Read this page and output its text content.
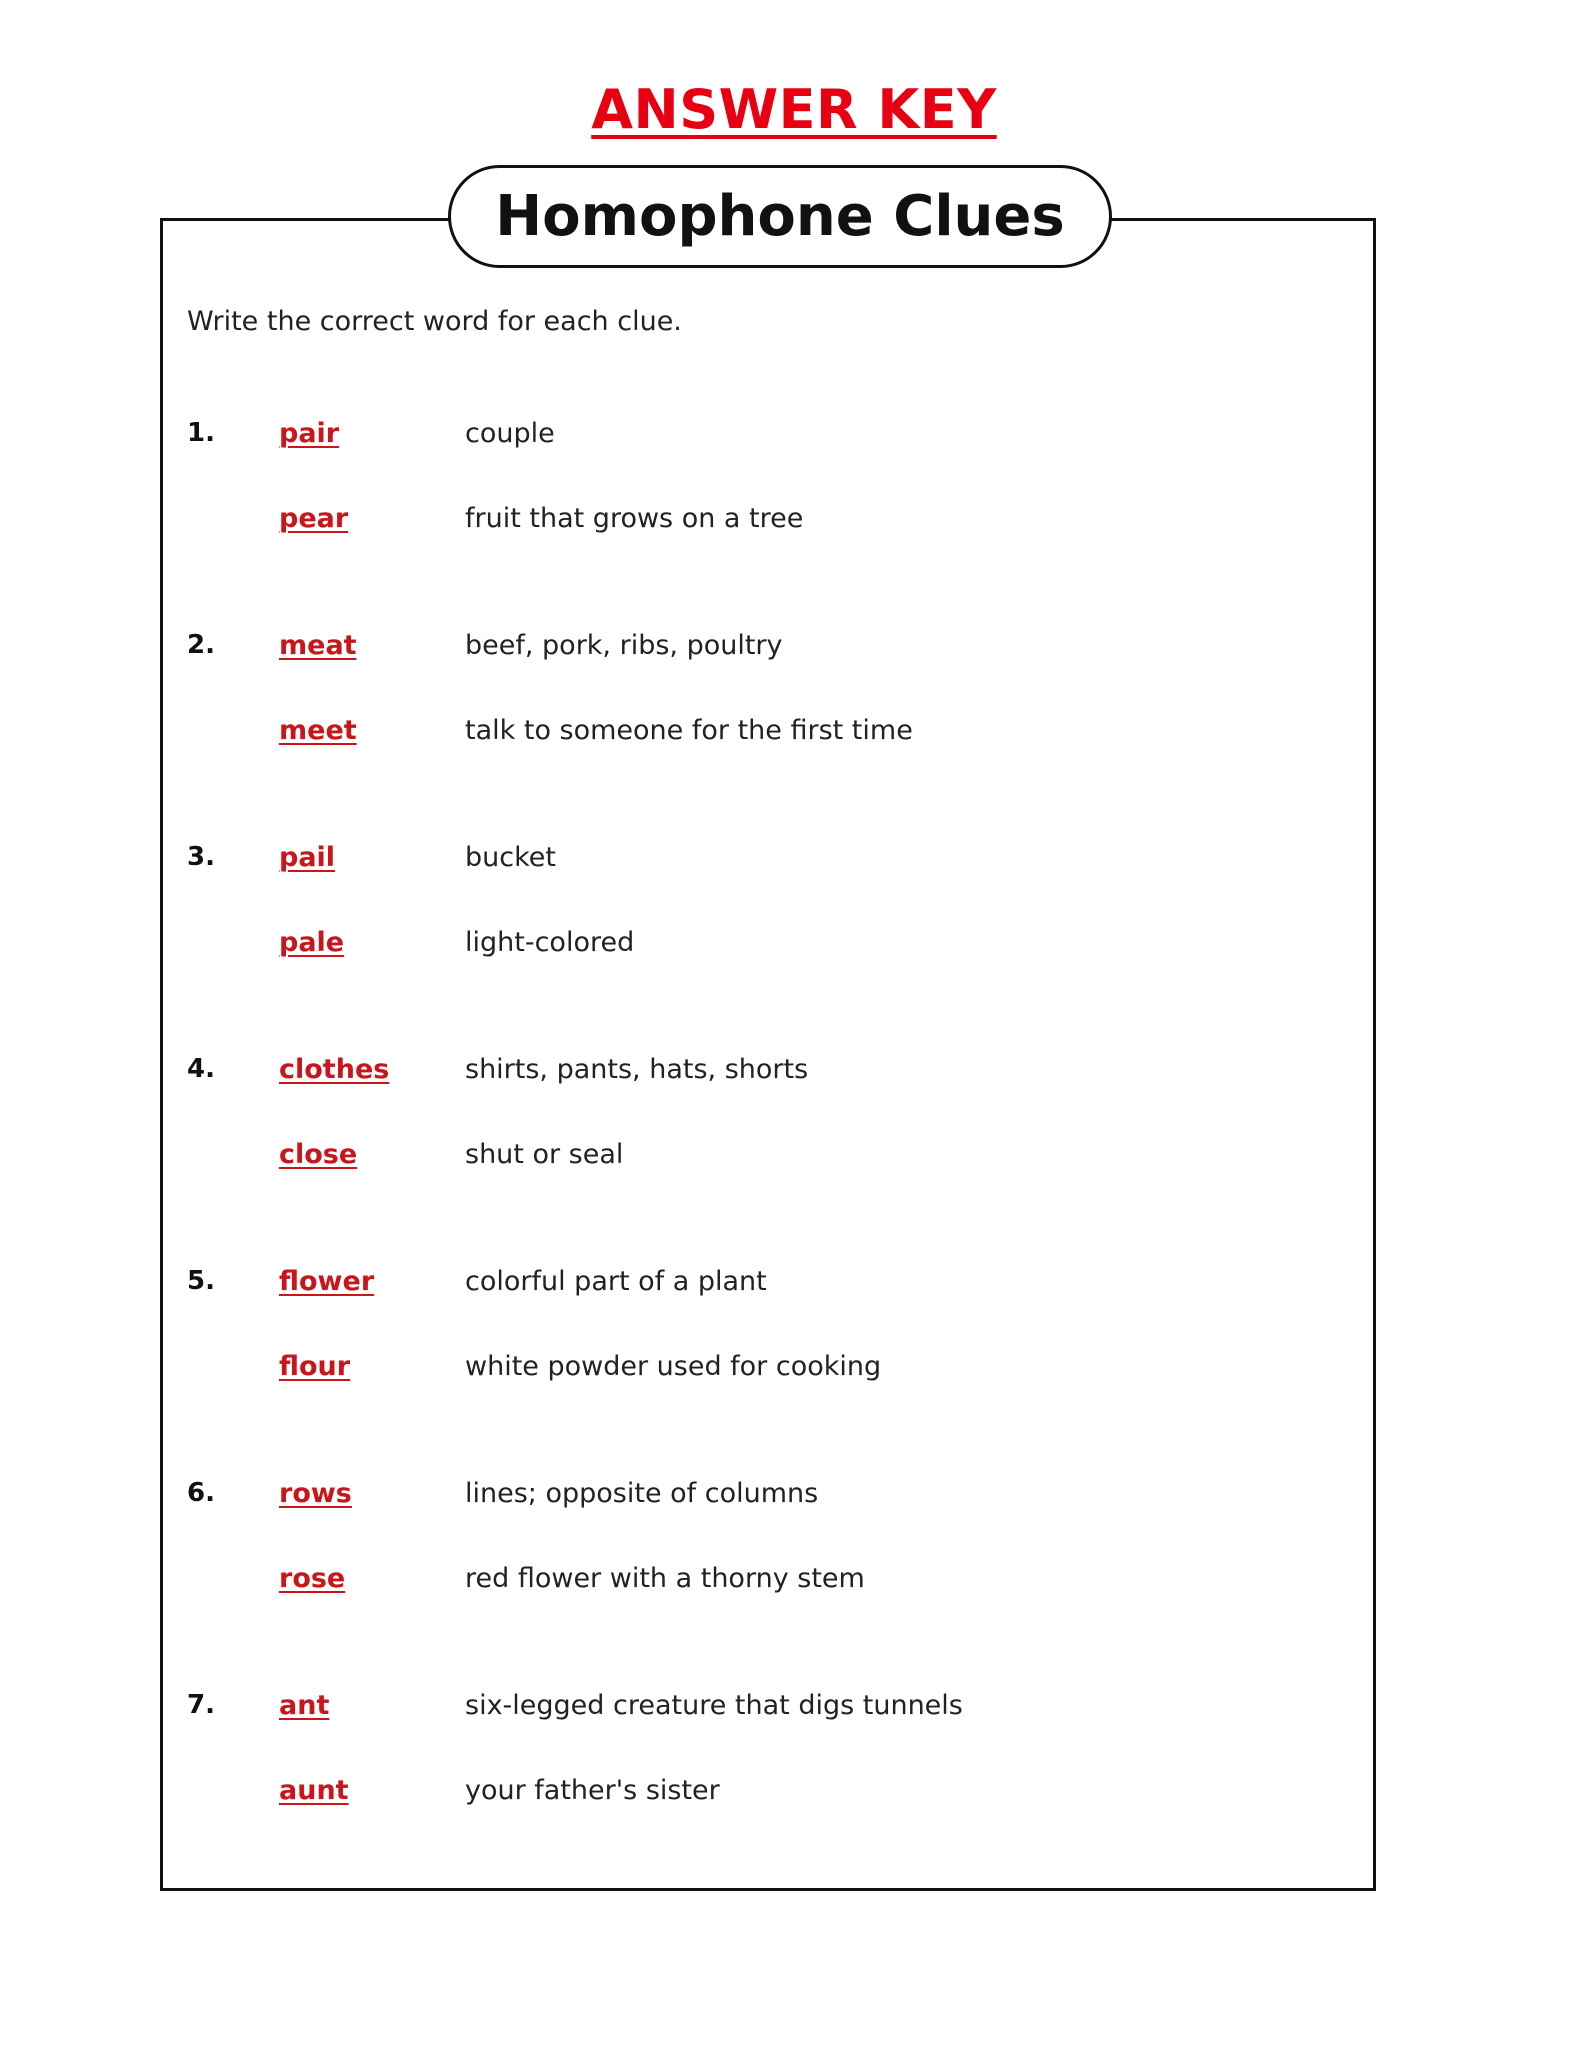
ANSWER KEY
Homophone Clues
Write the correct word for each clue.
1. pair	couple
pear	fruit that grows on a tree
2. meat	beef, pork, ribs, poultry
meet	talk to someone for the first time
3. pail	bucket
pale	light-colored
4. clothes	shirts, pants, hats, shorts
close	shut or seal
5. flower	colorful part of a plant
flour	white powder used for cooking
6. rows	lines; opposite of columns
rose	red flower with a thorny stem
7. ant	six-legged creature that digs tunnels
aunt	your father's sister
